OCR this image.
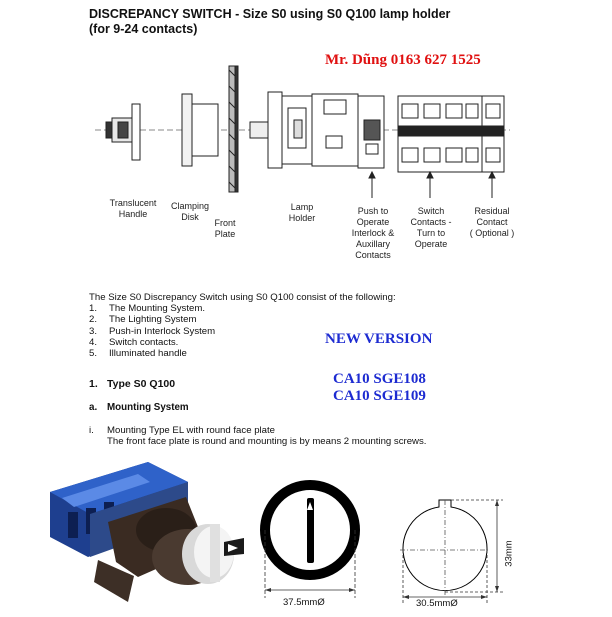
DISCREPANCY SWITCH - Size S0 using S0 Q100 lamp holder
(for 9-24 contacts)
Mr. Dũng 0163 627 1525
Translucent
Handle
Clamping
Disk
Front
Plate
Lamp
Holder
Push to
Operate
Interlock &
Auxillary
Contacts
Switch
Contacts -
Turn to
Operate
Residual
Contact
( Optional )
The Size S0 Discrepancy Switch using S0 Q100 consist of the following:
1. The Mounting System.
2. The Lighting System
3. Push-in Interlock System
4. Switch contacts.
5. Illuminated handle
NEW VERSION
CA10 SGE108
CA10 SGE109
1. Type S0 Q100
a. Mounting System
i. Mounting Type EL with round face plate
The front face plate is round and mounting is by means 2 mounting screws.
37.5mmØ	30.5mmØ
33mm
